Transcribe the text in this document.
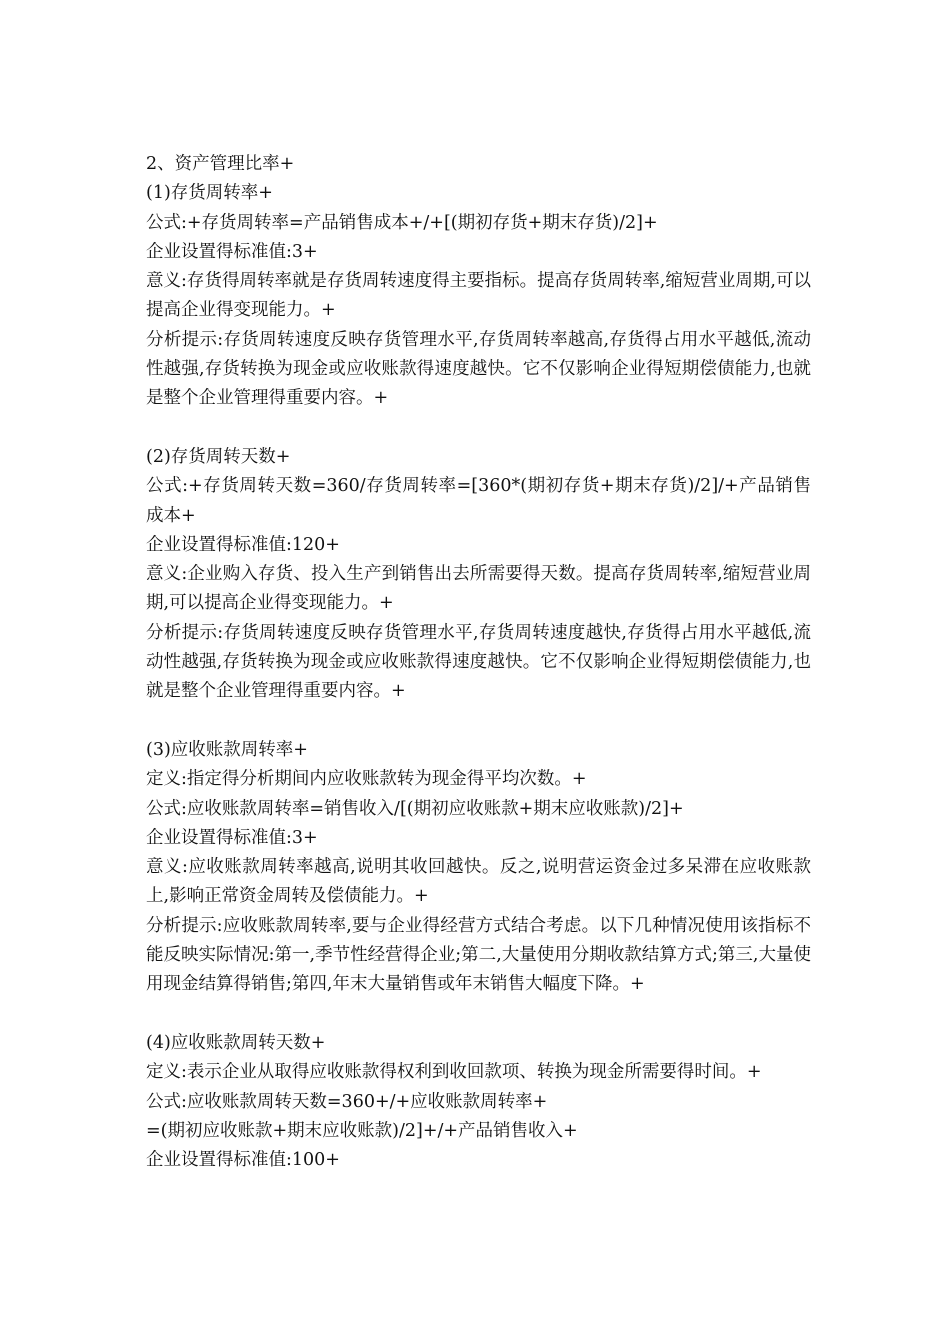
2、资产管理比率+
(1)存货周转率+
公式:+存货周转率=产品销售成本+/+[(期初存货+期末存货)/2]+
企业设置得标准值:3+
意义:存货得周转率就是存货周转速度得主要指标。提高存货周转率,缩短营业周期,可以提高企业得变现能力。+
分析提示:存货周转速度反映存货管理水平,存货周转率越高,存货得占用水平越低,流动性越强,存货转换为现金或应收账款得速度越快。它不仅影响企业得短期偿债能力,也就是整个企业管理得重要内容。+
(2)存货周转天数+
公式:+存货周转天数=360/存货周转率=[360*(期初存货+期末存货)/2]/+产品销售成本+
企业设置得标准值:120+
意义:企业购入存货、投入生产到销售出去所需要得天数。提高存货周转率,缩短营业周期,可以提高企业得变现能力。+
分析提示:存货周转速度反映存货管理水平,存货周转速度越快,存货得占用水平越低,流动性越强,存货转换为现金或应收账款得速度越快。它不仅影响企业得短期偿债能力,也就是整个企业管理得重要内容。+
(3)应收账款周转率+
定义:指定得分析期间内应收账款转为现金得平均次数。+
公式:应收账款周转率=销售收入/[(期初应收账款+期末应收账款)/2]+
企业设置得标准值:3+
意义:应收账款周转率越高,说明其收回越快。反之,说明营运资金过多呆滞在应收账款上,影响正常资金周转及偿债能力。+
分析提示:应收账款周转率,要与企业得经营方式结合考虑。以下几种情况使用该指标不能反映实际情况:第一,季节性经营得企业;第二,大量使用分期收款结算方式;第三,大量使用现金结算得销售;第四,年末大量销售或年末销售大幅度下降。+
(4)应收账款周转天数+
定义:表示企业从取得应收账款得权利到收回款项、转换为现金所需要得时间。+
公式:应收账款周转天数=360+/+应收账款周转率+
=(期初应收账款+期末应收账款)/2]+/+产品销售收入+
企业设置得标准值:100+
